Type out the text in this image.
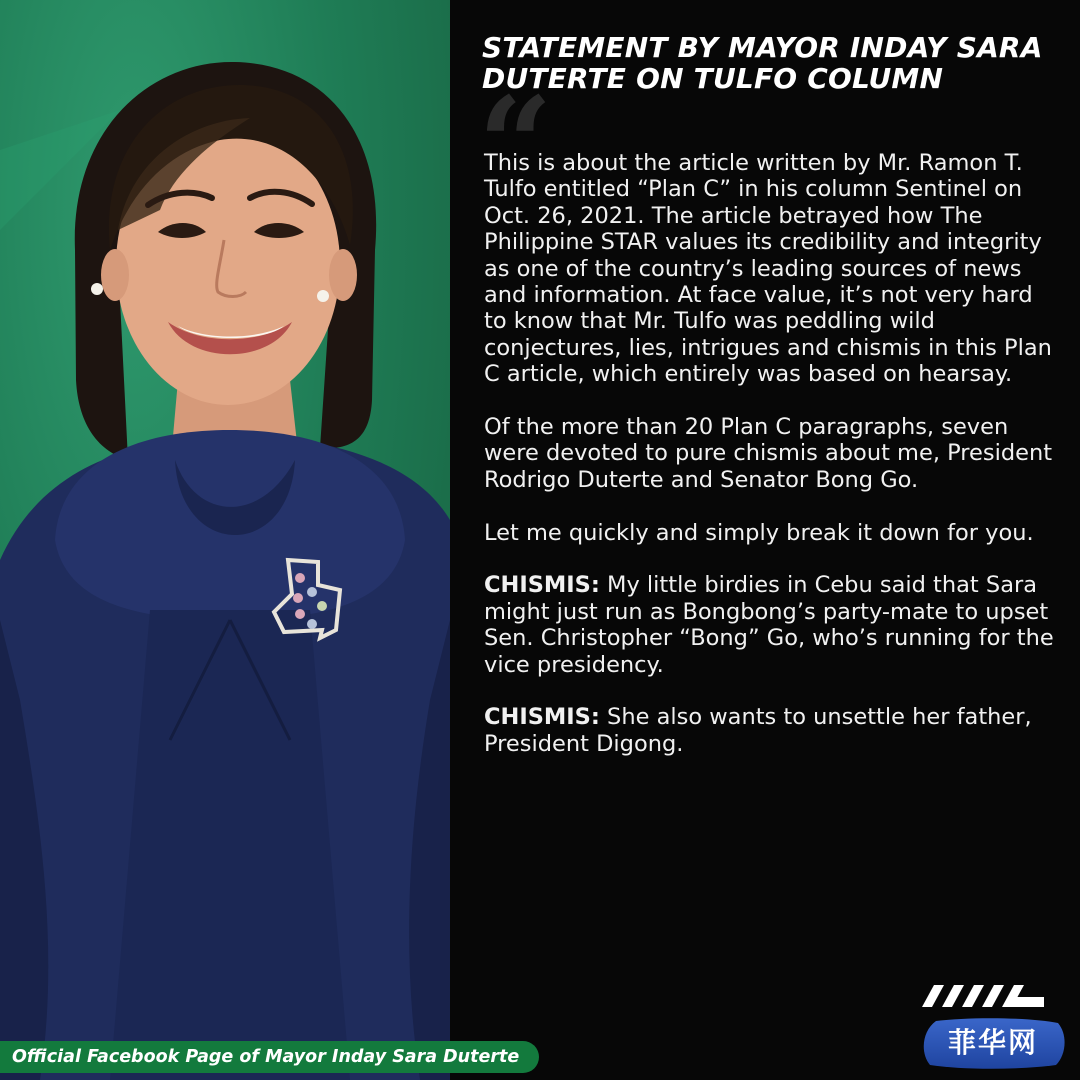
“
STATEMENT BY MAYOR INDAY SARA DUTERTE ON TULFO COLUMN

This is about the article written by Mr. Ramon T. Tulfo entitled “Plan C” in his column Sentinel on Oct. 26, 2021. The article betrayed how The Philippine STAR values its credibility and integrity as one of the country’s leading sources of news and information. At face value, it’s not very hard to know that Mr. Tulfo was peddling wild conjectures, lies, intrigues and chismis in this Plan C article, which entirely was based on hearsay.

Of the more than 20 Plan C paragraphs, seven were devoted to pure chismis about me, President Rodrigo Duterte and Senator Bong Go.

Let me quickly and simply break it down for you.

CHISMIS: My little birdies in Cebu said that Sara might just run as Bongbong’s party-mate to upset Sen. Christopher “Bong” Go, who’s running for the vice presidency.

CHISMIS: She also wants to unsettle her father, President Digong.

菲华网
Official Facebook Page of Mayor Inday Sara Duterte
